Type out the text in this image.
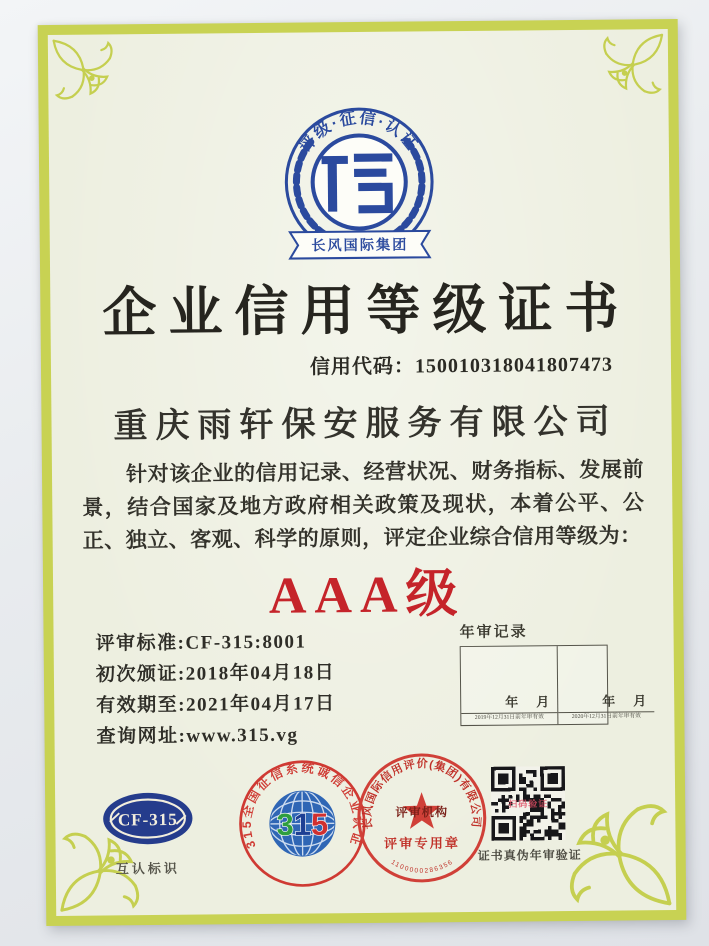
评级·征信·认证
长风国际集团
企业信用等级证书
信用代码：150010318041807473
重庆雨轩保安服务有限公司
针对该企业的信用记录、经营状况、财务指标、发展前景，结合国家及地方政府相关政策及现状，本着公平、公正、独立、客观、科学的原则，评定企业综合信用等级为：
AAA级
评审标准:CF-315:8001
初次颁证:2018年04月18日
有效期至:2021年04月17日
查询网址:www.315.vg
年审记录
年 月
2019年12月31日前年审有效
年 月
2020年12月31日前年审有效
CF-315
互认标识
315全国征信系统诚信企业认证
315	长风国际信用评价(集团)有限公司
评审机构
评审专用章
1100000286356
扫码验证
证书真伪年审验证
